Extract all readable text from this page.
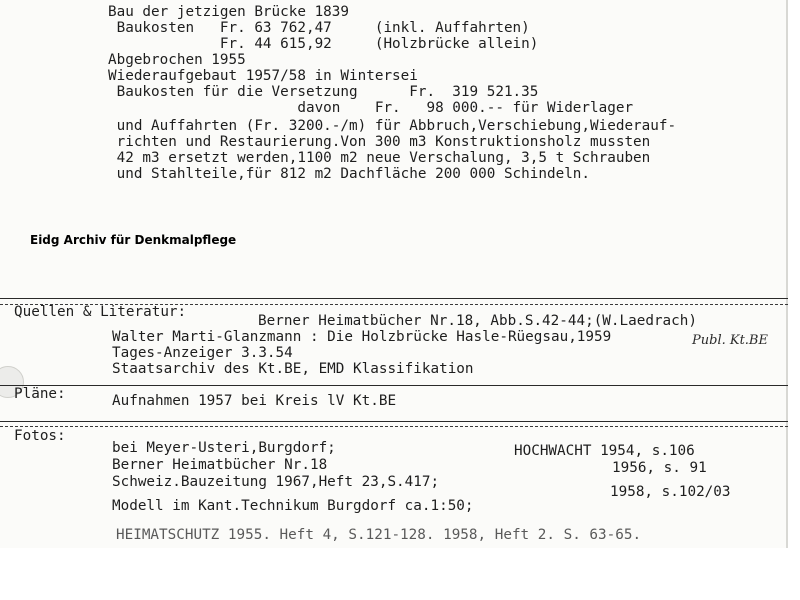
Bau der jetzigen Brücke 1839

Baukosten   Fr. 63 762,47     (inkl. Auffahrten)

Fr. 44 615,92     (Holzbrücke allein)

Abgebrochen 1955

Wiederaufgebaut 1957/58 in Wintersei

Baukosten für die Versetzung      Fr.  319 521.35

davon    Fr.   98 000.-- für Widerlager

und Auffahrten (Fr. 3200.-/m) für Abbruch,Verschiebung,Wiederauf-

richten und Restaurierung.Von 300 m3 Konstruktionsholz mussten

42 m3 ersetzt werden,1100 m2 neue Verschalung, 3,5 t Schrauben

und Stahlteile,für 812 m2 Dachfläche 200 000 Schindeln.

Eidg Archiv für Denkmalpflege

Quellen & Literatur:

Berner Heimatbücher Nr.18, Abb.S.42-44;(W.Laedrach)

Walter Marti-Glanzmann : Die Holzbrücke Hasle-Rüegsau,1959	Publ. Kt.BE

Tages-Anzeiger 3.3.54

Staatsarchiv des Kt.BE, EMD Klassifikation

Pläne:	Aufnahmen 1957 bei Kreis lV Kt.BE

Fotos:

bei Meyer-Usteri,Burgdorf;

Berner Heimatbücher Nr.18

Schweiz.Bauzeitung 1967,Heft 23,S.417;

Modell im Kant.Technikum Burgdorf ca.1:50;

HEIMATSCHUTZ 1955. Heft 4, S.121-128. 1958, Heft 2. S. 63-65.

HOCHWACHT 1954, s.106

1956, s. 91

1958, s.102/03
